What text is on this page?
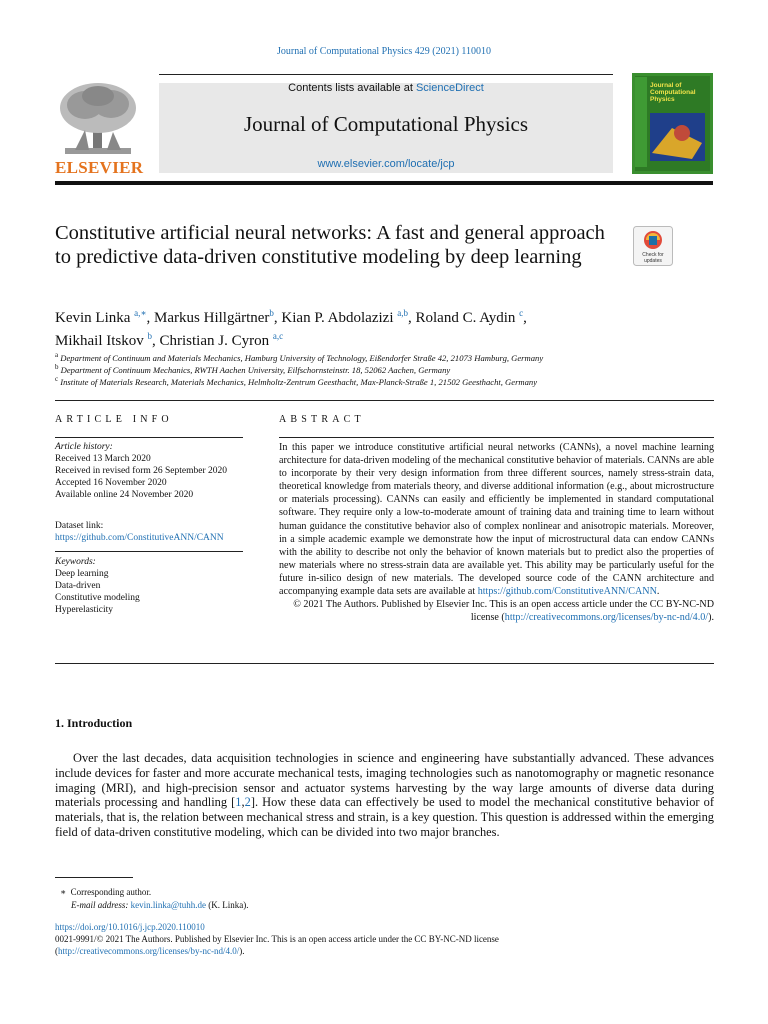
Journal of Computational Physics 429 (2021) 110010
ELSEVIER
Contents lists available at ScienceDirect
Journal of Computational Physics
www.elsevier.com/locate/jcp
Journal of
Computational
Physics
Constitutive artificial neural networks: A fast and general approach to predictive data-driven constitutive modeling by deep learning	Check for
updates
Kevin Linka $^{a,∗}$, Markus Hillgärtner$^b$, Kian P. Abdolazizi $^{a,b}$, Roland C. Aydin $^c$,
Mikhail Itskov $^b$, Christian J. Cyron $^{a,c}$
$^a$ Department of Continuum and Materials Mechanics, Hamburg University of Technology, Eißendorfer Straße 42, 21073 Hamburg, Germany
$^b$ Department of Continuum Mechanics, RWTH Aachen University, Eilfschornsteinstr. 18, 52062 Aachen, Germany
$^c$ Institute of Materials Research, Materials Mechanics, Helmholtz-Zentrum Geesthacht, Max-Planck-Straße 1, 21502 Geesthacht, Germany
ARTICLE INFO
Article history:
Received 13 March 2020
Received in revised form 26 September 2020
Accepted 16 November 2020
Available online 24 November 2020
Dataset link:
https://github.com/ConstitutiveANN/CANN
Keywords:
Deep learning
Data-driven
Constitutive modeling
Hyperelasticity
ABSTRACT
In this paper we introduce constitutive artificial neural networks (CANNs), a novel machine learning architecture for data-driven modeling of the mechanical constitutive behavior of materials. CANNs are able to incorporate by their very design information from three different sources, namely stress-strain data, theoretical knowledge from materials theory, and diverse additional information (e.g., about microstructure or materials processing). CANNs can easily and efficiently be implemented in standard computational software. They require only a low-to-moderate amount of training data and training time to learn without human guidance the constitutive behavior also of complex nonlinear and anisotropic materials. Moreover, in a simple academic example we demonstrate how the input of microstructural data can endow CANNs with the ability to describe not only the behavior of known materials but to predict also the properties of new materials where no stress-strain data are available yet. This ability may be particularly useful for the future in-silico design of new materials. The developed source code of the CANN architecture and accompanying example data sets are available at https://github.com/ConstitutiveANN/CANN.

© 2021 The Authors. Published by Elsevier Inc. This is an open access article under the CC BY-NC-ND license (http://creativecommons.org/licenses/by-nc-nd/4.0/).
1. Introduction
Over the last decades, data acquisition technologies in science and engineering have substantially advanced. These advances include devices for faster and more accurate mechanical tests, imaging technologies such as nanotomography or magnetic resonance imaging (MRI), and high-precision sensor and actuator systems harvesting by the way large amounts of diverse data during materials processing and handling [1,2]. How these data can effectively be used to model the mechanical constitutive behavior of materials, that is, the relation between mechanical stress and strain, is a key question. This question is addressed within the emerging field of data-driven constitutive modeling, which can be divided into two major branches.
∗ Corresponding author.
E-mail address: kevin.linka@tuhh.de (K. Linka).
https://doi.org/10.1016/j.jcp.2020.110010
0021-9991/© 2021 The Authors. Published by Elsevier Inc. This is an open access article under the CC BY-NC-ND license
(http://creativecommons.org/licenses/by-nc-nd/4.0/).
